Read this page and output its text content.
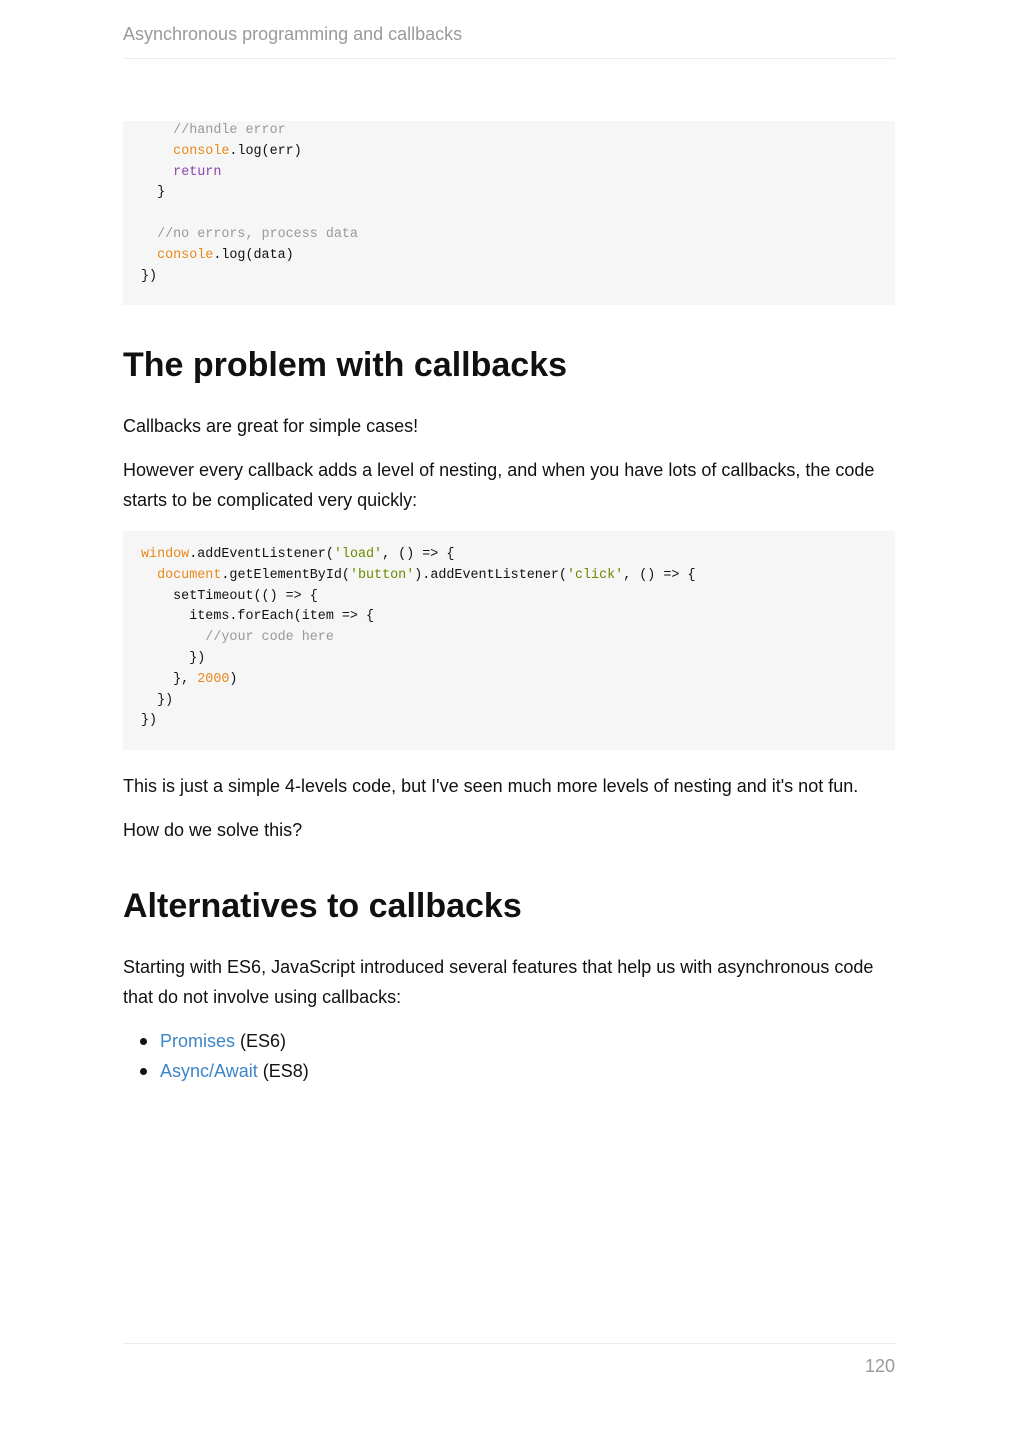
Asynchronous programming and callbacks
//handle error
console.log(err)
return
}
//no errors, process data
console.log(data)
})
The problem with callbacks

Callbacks are great for simple cases!

However every callback adds a level of nesting, and when you have lots of callbacks, the code starts to be complicated very quickly:

window.addEventListener('load', () => {
document.getElementById('button').addEventListener('click', () => {
setTimeout(() => {
items.forEach(item => {
//your code here
})
}, 2000)
})
})

This is just a simple 4-levels code, but I've seen much more levels of nesting and it's not fun.

How do we solve this?

Alternatives to callbacks

Starting with ES6, JavaScript introduced several features that help us with asynchronous code that do not involve using callbacks:

Promises (ES6)
Async/Await (ES8)
120
